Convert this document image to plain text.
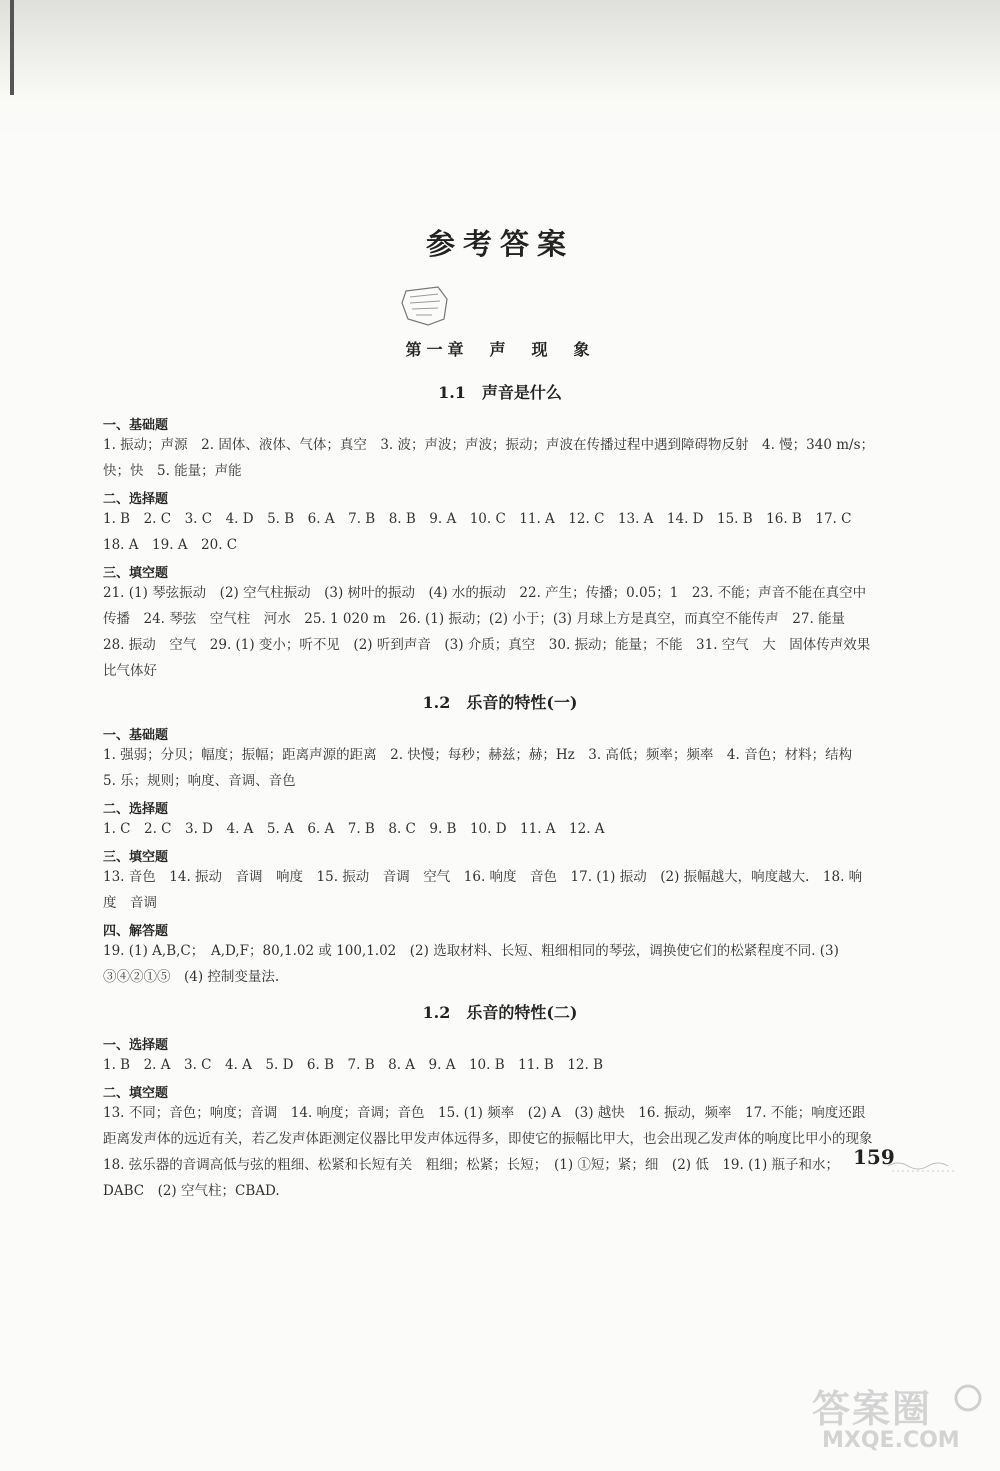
参考答案
第一章　声　现　象
1.1　声音是什么
一、基础题
1. 振动；声源　2. 固体、液体、气体；真空　3. 波；声波；声波；振动；声波在传播过程中遇到障碍物反射　4. 慢；340 m/s；快；快　5. 能量；声能
二、选择题
1. B　2. C　3. C　4. D　5. B　6. A　7. B　8. B　9. A　10. C　11. A　12. C　13. A　14. D　15. B　16. B　17. C　18. A　19. A　20. C
三、填空题
21. (1) 琴弦振动　(2) 空气柱振动　(3) 树叶的振动　(4) 水的振动　22. 产生；传播；0.05；1　23. 不能；声音不能在真空中传播　24. 琴弦　空气柱　河水　25. 1 020 m　26. (1) 振动；(2) 小于；(3) 月球上方是真空，而真空不能传声　27. 能量　28. 振动　空气　29. (1) 变小；听不见　(2) 听到声音　(3) 介质；真空　30. 振动；能量；不能　31. 空气　大　固体传声效果比气体好
1.2　乐音的特性(一)
一、基础题
1. 强弱；分贝；幅度；振幅；距离声源的距离　2. 快慢；每秒；赫兹；赫；Hz　3. 高低；频率；频率　4. 音色；材料；结构　5. 乐；规则；响度、音调、音色
二、选择题
1. C　2. C　3. D　4. A　5. A　6. A　7. B　8. C　9. B　10. D　11. A　12. A
三、填空题
13. 音色　14. 振动　音调　响度　15. 振动　音调　空气　16. 响度　音色　17. (1) 振动　(2) 振幅越大，响度越大.　18. 响度　音调
四、解答题
19. (1) A,B,C；　A,D,F；80,1.02 或 100,1.02　(2) 选取材料、长短、粗细相同的琴弦，调换使它们的松紧程度不同. (3) ③④②①⑤　(4) 控制变量法.
1.2　乐音的特性(二)
一、选择题
1. B　2. A　3. C　4. A　5. D　6. B　7. B　8. A　9. A　10. B　11. B　12. B
二、填空题
13. 不同；音色；响度；音调　14. 响度；音调；音色　15. (1) 频率　(2) A　(3) 越快　16. 振动，频率　17. 不能；响度还跟距离发声体的远近有关，若乙发声体距测定仪器比甲发声体远得多，即使它的振幅比甲大，也会出现乙发声体的响度比甲小的现象　18. 弦乐器的音调高低与弦的粗细、松紧和长短有关　粗细；松紧；长短；　(1) ①短；紧；细　(2) 低　19. (1) 瓶子和水；DABC　(2) 空气柱；CBAD.
159
答案圈
MXQE.COM
